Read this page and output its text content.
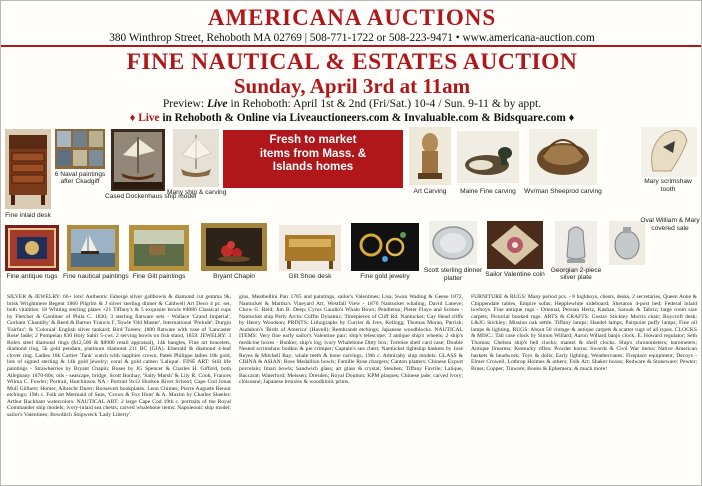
AMERICANA AUCTIONS
380 Winthrop Street, Rehoboth MA 02769 | 508-771-1722 or 508-223-9471 • www.americana-auction.com
FINE NAUTICAL & ESTATES AUCTION
Sunday, April 3rd at 11am
Preview: Live in Rehoboth: April 1st & 2nd (Fri/Sat.) 10-4 / Sun. 9-11 & by appt.
♦ Live in Rehoboth & Online via Liveauctioneers.com & Invaluable.com & Bidsquare.com ♦
Fine inlaid desk
6 Naval paintings
after Ckadgiff
Cased Dockenhaus ship model
Many ship & carving
Fresh to market
items from Mass. &
Islands homes
Art Carving	Maine Fine carving	Wv/man Sheeprod carving
Mary scrimshaw tooth
Fine antique rugs Fine nautical paintings Fine Gilt paintings	Bryant Chapin	Gilt Shoe desk	Fine gold jewelry
Scott sterling dinner platter
Sailor Valentine coin
Georgian 2-piece
silver plate
Oval William & Mary covered sale
SILVER & JEWELRY: 66+ lots! Authentic Fabergé silver gallbowls & diamond cut gemma 9k, brisk Wrightmere Regent 1860 Pilgrim & J silver sterling dinner & Caldwell Art Deco 4 pc. set, both vitalities: 18 Whiting sterling plates +21 Tiffany's & 5 exquisite bowls #4086 Classical cups by Fletcher & Gardiner of Phila C. 1830; 3 sterling flatware sets - Wallace 'Grand Imperial', Gorham 'Chantilly' & Reed & Barton 'Francis I', Towle 'Old Master', International 'Prelude'; Durgin 'Fairfax'; & 'Colonial' English silver tankard; Bird Tureen; 1800 flatware with vase of 'Lancaster Rose' ladle; 2 Pompeian 830 Holy Sahir 5-cwt. 2 serving bowls on fish stand, 1859. JEWELRY: 3 Rolex steel diamond rings ($12,500 & $8900 retail appraisal), 14k bangles, Fine art bracelets, diamond ring, 5k gold pendant, platinum diamond 211 BC (GIA). Emerald & diamond 4-leaf clover ring. Ladies 18k Cartier 'Tank' watch with sapphire crown, Patek Philippe ladies 18k gold, lots of signed sterling & 14k gold jewelry; coral & gold cameo 'Lalique'. FINE ART: Still life paintings - Strawberries by Bryant Chapin; Roses by JG Spencer & Charles H. Gifford, both Alleghany 1870-80s; oils - seascape, bridge, Scott Bonhay; 'Salty Marsh' & Lily R. Cook, Frances Wilma C. Fowler; Portrait, Hutchinson NA - Portrait 9x12 Hudson River School; Cape Cod Jonas Mull Gillbert; Homer, Albrecht Durer; Roosevelt bookplates. Leon Chimes; Pierre Auguste Renoir etchings; 19th c. Folk art Mermaid of Seas, 'Crows & Fox Hunt' & A. Maxim by Charles Sheeler; Arthur Rackham watercolors. NAUTICAL ART: 2 large Cape Cod 19th c. portraits of the Royal Commander ship models; ivory-inlaid sea chests; carved whalebone items; Napoleonic ship model; sailor's Valentines; Bowditch Shipwreck 'Lady Liberty'.
gins, Meatbellini Pair 1785 and paintings, sailor's Valentines; Lisa, Swan Wading & Geese 1872, Nantucket & Martha's Vineyard Art, Westfall View - 1876 Nantucket whaling; David Laneve; Chow G. Reid; Jim B. Deep; Cyrus Gaudio's Whale Bows; Pendleton; Pieter Flayo and Scenes - Nantucket ship Party Arctic Coffin Dynamic; Timepieces of Cliff Rd. Nantucket; Gay Head cliffs by Henry Woodson; PRINTS: Lithographs by Currier & Ives, Kellogg; Thomas Moran, Parrish; Audubon's 'Birds of America' (Havell); Rembrandt etchings; Japanese woodblocks. NAUTICAL ITEMS: Very fine early sailor's Valentine pair; ship's telescope; 3 antique ship's wheels; 2 ship's medicine boxes - Bunker; ship's log; ivory Whalebone Ditty box; Tortoise shell card case; Double Nested scrimshaw bodkin & pie crimper; Captain's sea chest; Nantucket lightship baskets by José Reyes & Mitchell Ray; whale teeth & bone carvings, 19th c. Admiralty ship models. GLASS & CHINA & ASIAN: Rose Medallion bowls; Famille Rose chargers; Canton platters; Chinese Export porcelain; Imari bowls; Sandwich glass; art glass & crystal; Steuben; Tiffany Favrile; Lalique, Baccarat; Waterford; Meissen; Dresden; Royal Doulton; KPM plaques; Chinese jade; carved ivory; cloisonné; Japanese bronzes & woodblock prints.
FURNITURE & RUGS: Many period pcs. - 8 highboys, chests, desks, 2 secretaries, Queen Anne & Chippendale tables, Empire sofas; Hepplewhite sideboard; Sheraton 4-post bed; Federal inlaid lowboys. Fine antique rugs - Oriental, Persian Heriz, Kashan, Sarouk & Tabriz; large room size carpets; Pictorial hooked rugs. ARTS & CRAFTS: Gustav Stickley Morris chair; Roycroft desk; L&JG Stickley; Mission oak settle. Tiffany lamps; Handel lamps; Pairpoint puffy lamps; Fine oil lamps & lighting. RUGS: About 50 vintage & antique carpets & scatter rugs of all types. CLOCKS & MISC.: Tall case clock by Simon Willard; Aaron Willard banjo clock; E. Howard regulator; Seth Thomas; Chelsea ship's bell clocks; mantel & shelf clocks. Ship's chronometers; barometers; Antique firearms; Kentucky rifles; Powder horns; Swords & Civil War items; Native American baskets & beadwork; Toys & dolls; Early lighting; Weathervanes; Fireplace equipment; Decoys - Elmer Crowell, Lothrop Holmes & others; Folk Art; Shaker boxes; Redware & Stoneware; Pewter; Brass; Copper; Tinware; Books & Ephemera; & much more!
